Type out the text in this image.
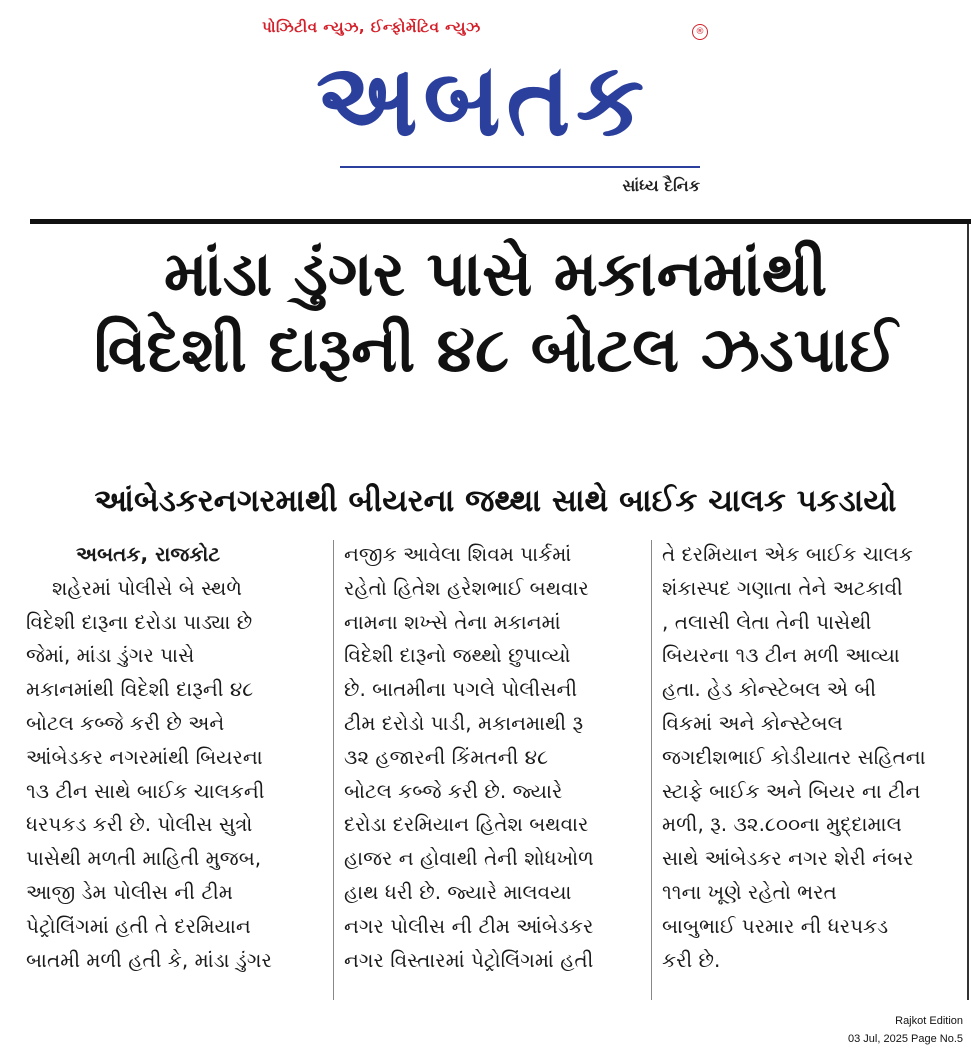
પોઝિટીવ ન્યુઝ, ઈન્ફોર્મેટિવ ન્યુઝ	®
અબતક
સાંધ્ય દૈનિક
માંડા ડુંગર પાસે મકાનમાંથી
વિદેશી દારૂની ૪૮ બોટલ ઝડપાઈ
આંબેડકરનગરમાથી બીયરના જથ્થા સાથે બાઈક ચાલક પકડાયો
અબતક, રાજકોટ
શહેરમાં પોલીસે બે સ્થળે
વિદેશી દારૂના દરોડા પાડ્યા છે
જેમાં, માંડા ડુંગર પાસે
મકાનમાંથી વિદેશી દારૂની ૪૮
બોટલ કબ્જે કરી છે અને
આંબેડકર નગરમાંથી બિયરના
૧૩ ટીન સાથે બાઈક ચાલકની
ધરપકડ કરી છે. પોલીસ સુત્રો
પાસેથી મળતી માહિતી મુજબ,
આજી ડેમ પોલીસ ની ટીમ
પેટ્રોલિંગમાં હતી તે દરમિયાન
બાતમી મળી હતી કે, માંડા ડુંગર
નજીક આવેલા શિવમ પાર્કમાં
રહેતો હિતેશ હરેશભાઈ બથવાર
નામના શખ્સે તેના મકાનમાં
વિદેશી દારૂનો જથ્થો છુપાવ્યો
છે. બાતમીના પગલે પોલીસની
ટીમ દરોડો પાડી, મકાનમાથી રૂ
૩૨ હજારની કિંમતની ૪૮
બોટલ કબ્જે કરી છે. જ્યારે
દરોડા દરમિયાન હિતેશ બથવાર
હાજર ન હોવાથી તેની શોધખોળ
હાથ ધરી છે. જ્યારે માલવયા
નગર પોલીસ ની ટીમ આંબેડકર
નગર વિસ્તારમાં પેટ્રોલિંગમાં હતી
તે દરમિયાન એક બાઈક ચાલક
શંકાસ્પદ ગણાતા તેને અટકાવી
, તલાસી લેતા તેની પાસેથી
બિયરના ૧૩ ટીન મળી આવ્યા
હતા. હેડ કોન્સ્ટેબલ એ બી
વિકમાં અને કોન્સ્ટેબલ
જગદીશભાઈ કોડીયાતર સહિતના
સ્ટાફે બાઈક અને બિયર ના ટીન
મળી, રૂ. ૩૨.૮૦૦ના મુદ્દામાલ
સાથે આંબેડકર નગર શેરી નંબર
૧૧ના ખૂણે રહેતો ભરત
બાબુભાઈ પરમાર ની ધરપકડ
કરી છે.
Rajkot Edition
03 Jul, 2025 Page No.5
